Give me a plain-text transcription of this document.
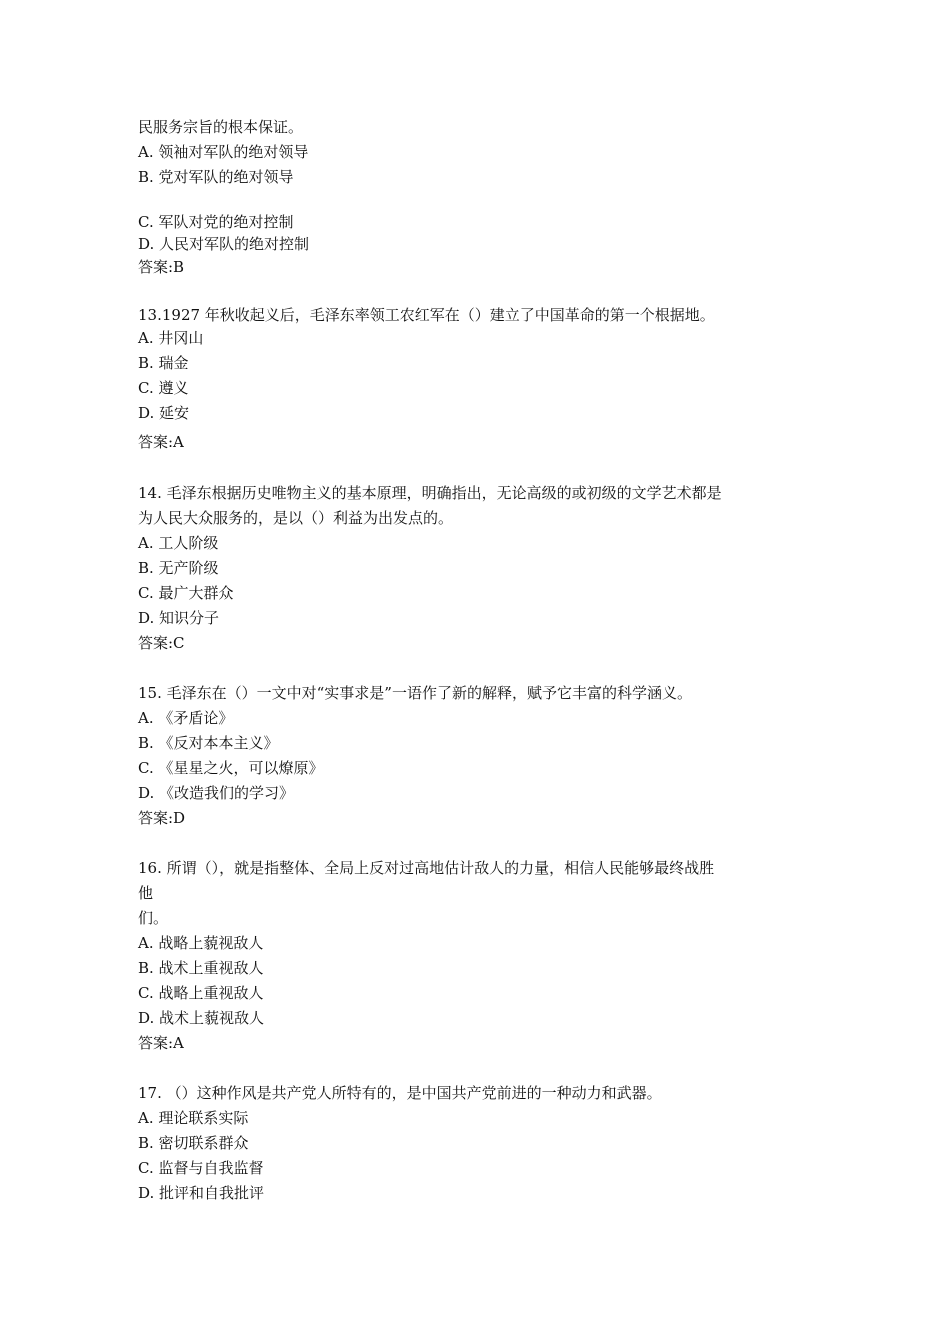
民服务宗旨的根本保证。
A. 领袖对军队的绝对领导
B. 党对军队的绝对领导
C. 军队对党的绝对控制
D. 人民对军队的绝对控制
答案:B
13.1927 年秋收起义后，毛泽东率领工农红军在（）建立了中国革命的第一个根据地。
A. 井冈山
B. 瑞金
C. 遵义
D. 延安
答案:A
14. 毛泽东根据历史唯物主义的基本原理，明确指出，无论高级的或初级的文学艺术都是
为人民大众服务的，是以（）利益为出发点的。
A. 工人阶级
B. 无产阶级
C. 最广大群众
D. 知识分子
答案:C
15. 毛泽东在（）一文中对“实事求是”一语作了新的解释，赋予它丰富的科学涵义。
A. 《矛盾论》
B. 《反对本本主义》
C. 《星星之火，可以燎原》
D. 《改造我们的学习》
答案:D
16. 所谓（），就是指整体、全局上反对过高地估计敌人的力量，相信人民能够最终战胜
他
们。
A. 战略上藐视敌人
B. 战术上重视敌人
C. 战略上重视敌人
D. 战术上藐视敌人
答案:A
17. （）这种作风是共产党人所特有的，是中国共产党前进的一种动力和武器。
A. 理论联系实际
B. 密切联系群众
C. 监督与自我监督
D. 批评和自我批评
